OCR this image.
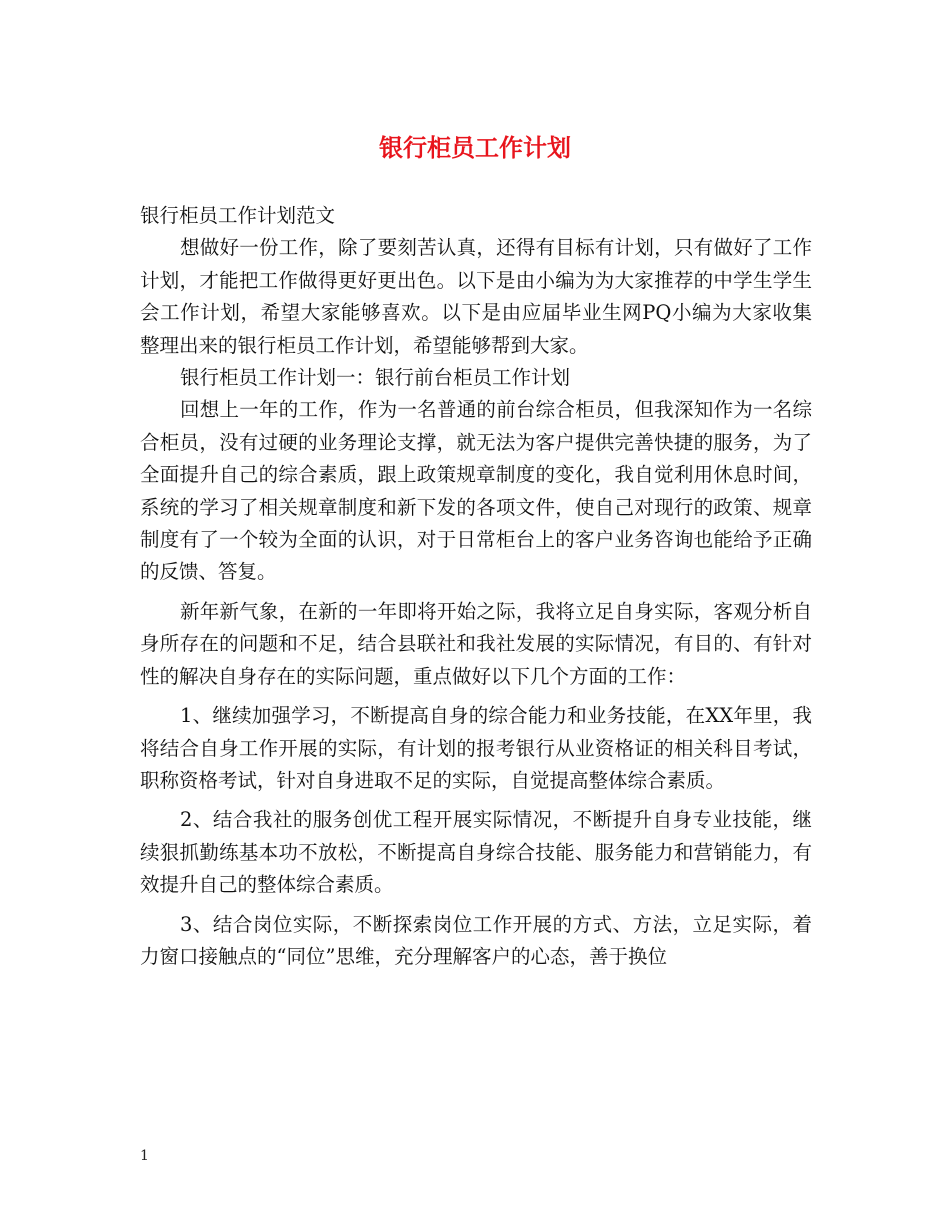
银行柜员工作计划

银行柜员工作计划范文

想做好一份工作，除了要刻苦认真，还得有目标有计划，只有做好了工作计划，才能把工作做得更好更出色。以下是由小编为为大家推荐的中学生学生会工作计划，希望大家能够喜欢。以下是由应届毕业生网PQ小编为大家收集整理出来的银行柜员工作计划，希望能够帮到大家。

银行柜员工作计划一：银行前台柜员工作计划

回想上一年的工作，作为一名普通的前台综合柜员，但我深知作为一名综合柜员，没有过硬的业务理论支撑，就无法为客户提供完善快捷的服务，为了全面提升自己的综合素质，跟上政策规章制度的变化，我自觉利用休息时间，系统的学习了相关规章制度和新下发的各项文件，使自己对现行的政策、规章制度有了一个较为全面的认识，对于日常柜台上的客户业务咨询也能给予正确的反馈、答复。

新年新气象，在新的一年即将开始之际，我将立足自身实际，客观分析自身所存在的问题和不足，结合县联社和我社发展的实际情况，有目的、有针对性的解决自身存在的实际问题，重点做好以下几个方面的工作：

1、继续加强学习，不断提高自身的综合能力和业务技能，在XX年里，我将结合自身工作开展的实际，有计划的报考银行从业资格证的相关科目考试，职称资格考试，针对自身进取不足的实际，自觉提高整体综合素质。

2、结合我社的服务创优工程开展实际情况，不断提升自身专业技能，继续狠抓勤练基本功不放松，不断提高自身综合技能、服务能力和营销能力，有效提升自己的整体综合素质。

3、结合岗位实际，不断探索岗位工作开展的方式、方法，立足实际，着力窗口接触点的“同位”思维，充分理解客户的心态，善于换位

1
